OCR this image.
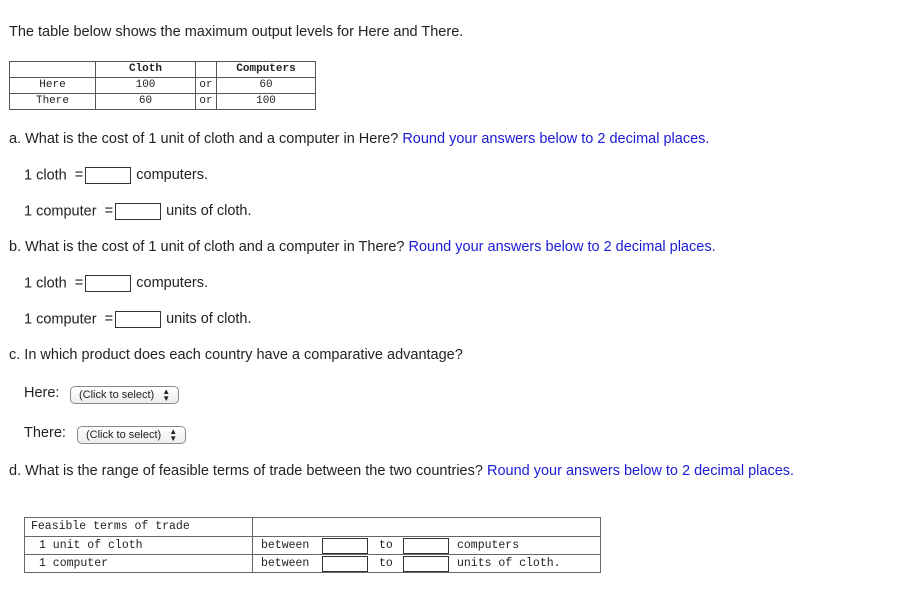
The table below shows the maximum output levels for Here and There.
	Cloth		Computers
Here	100	or	60
There	60	or	100
a. What is the cost of 1 unit of cloth and a computer in Here? Round your answers below to 2 decimal places.
1 cloth =	computers.
1 computer =	units of cloth.
b. What is the cost of 1 unit of cloth and a computer in There? Round your answers below to 2 decimal places.
1 cloth =	computers.
1 computer =	units of cloth.
c. In which product does each country have a comparative advantage?
Here:	(Click to select) ▲
▼
There:	(Click to select) ▲
▼
d. What is the range of feasible terms of trade between the two countries? Round your answers below to 2 decimal places.
Feasible terms of trade
1 unit of cloth	between	to	computers
1 computer	between	to	units of cloth.
